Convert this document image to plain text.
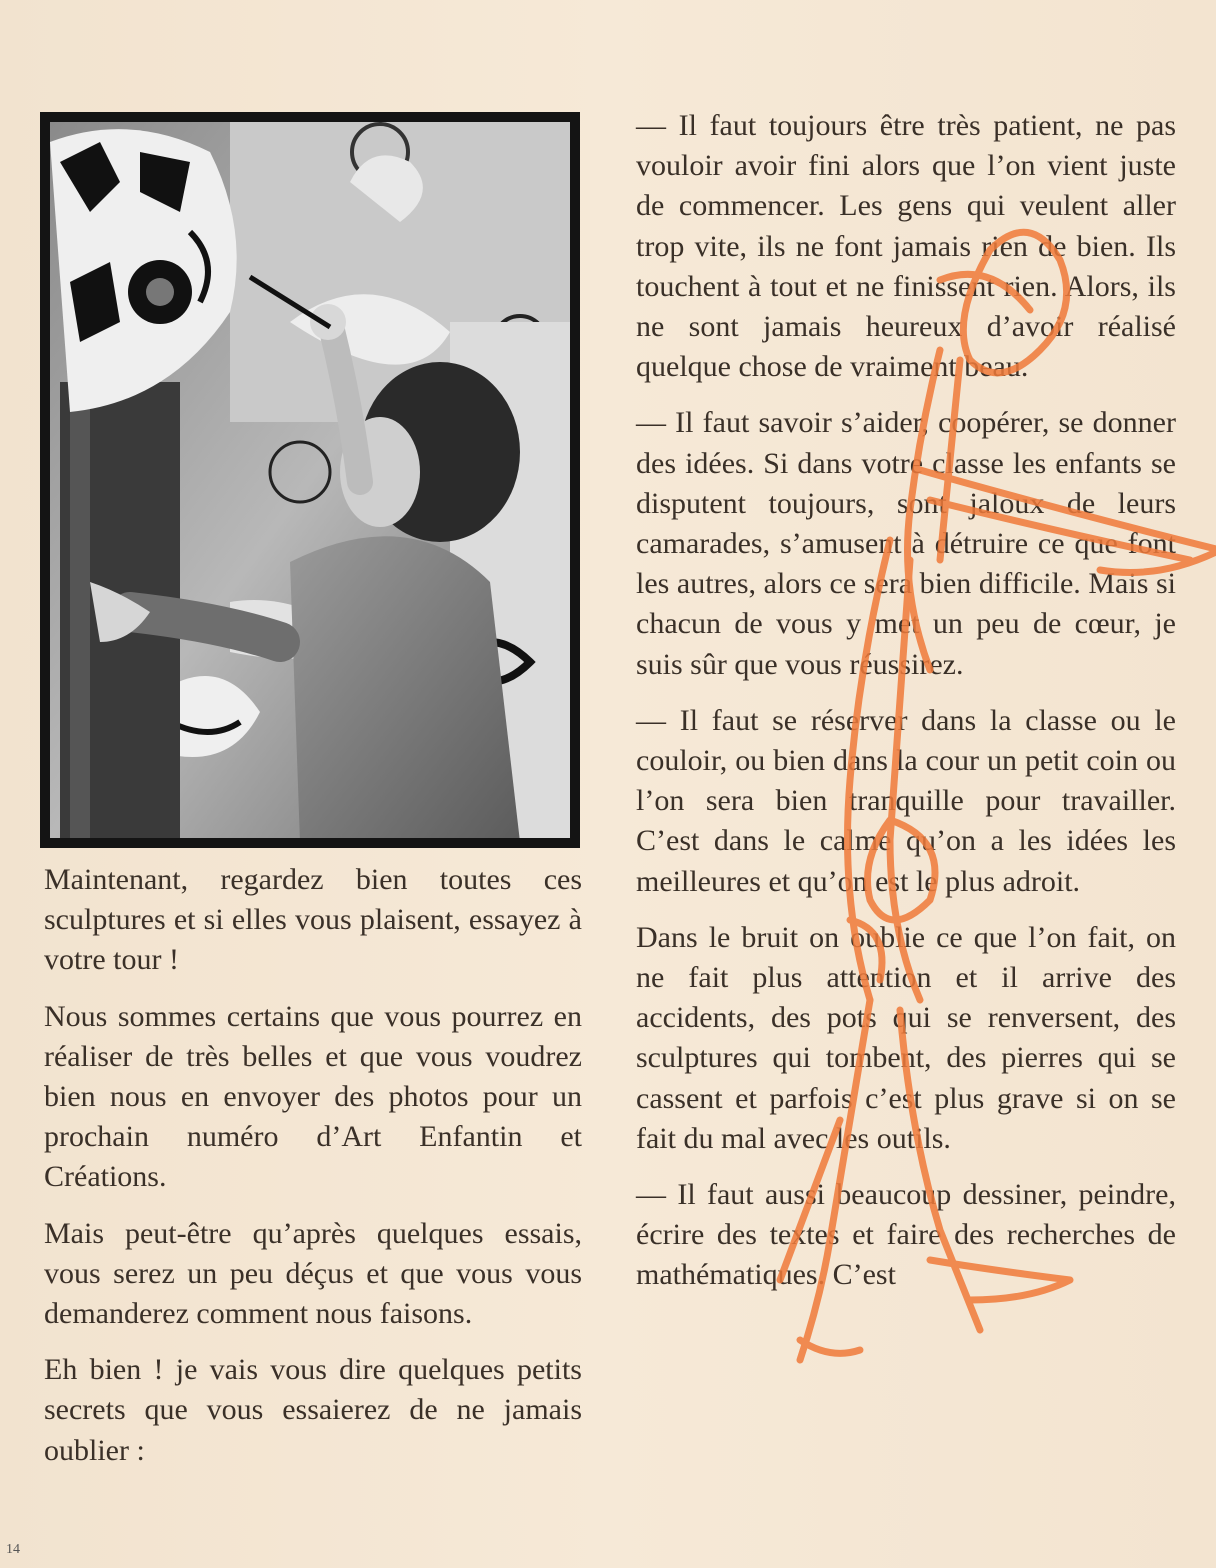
Maintenant, regardez bien toutes ces sculptures et si elles vous plaisent, essayez à votre tour !

Nous sommes certains que vous pourrez en réaliser de très belles et que vous voudrez bien nous en envoyer des photos pour un prochain numéro d’Art Enfantin et Créations.

Mais peut-être qu’après quelques essais, vous serez un peu déçus et que vous vous demanderez comment nous faisons.

Eh bien ! je vais vous dire quelques petits secrets que vous essaierez de ne jamais oublier :

— Il faut toujours être très patient, ne pas vouloir avoir fini alors que l’on vient juste de commencer. Les gens qui veulent aller trop vite, ils ne font jamais rien de bien. Ils touchent à tout et ne finissent rien. Alors, ils ne sont jamais heureux d’avoir réalisé quelque chose de vraiment beau.

— Il faut savoir s’aider, coopérer, se donner des idées. Si dans votre classe les enfants se disputent toujours, sont jaloux de leurs camarades, s’amusent à détruire ce que font les autres, alors ce sera bien difficile. Mais si chacun de vous y met un peu de cœur, je suis sûr que vous réussirez.

— Il faut se réserver dans la classe ou le couloir, ou bien dans la cour un petit coin ou l’on sera bien tranquille pour travailler. C’est dans le calme qu’on a les idées les meilleures et qu’on est le plus adroit.

Dans le bruit on oublie ce que l’on fait, on ne fait plus attention et il arrive des accidents, des pots qui se renversent, des sculptures qui tombent, des pierres qui se cassent et parfois c’est plus grave si on se fait du mal avec les outils.

— Il faut aussi beaucoup dessiner, peindre, écrire des textes et faire des recherches de mathématiques. C’est

14
